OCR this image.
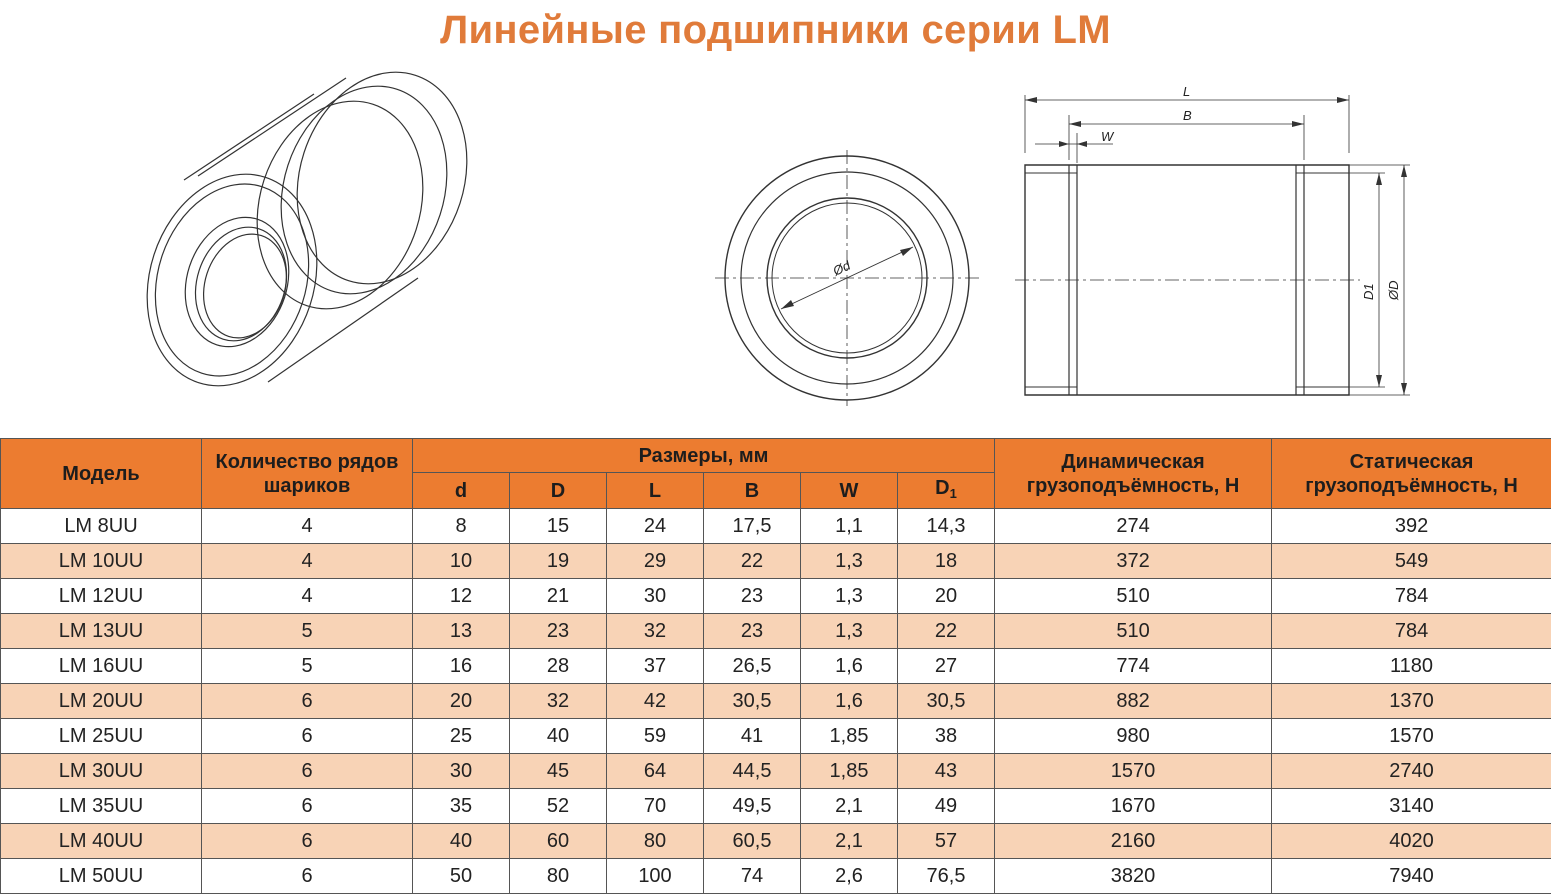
Линейные подшипники серии LM
Ød
L
B
W
D1 ØD
Модель	Количество рядов шариков	Размеры, мм						Динамическая грузоподъёмность, Н	Статическая грузоподъёмность, Н
		d	D	L	B	W	$D_1$
LM 8UU	4	8	15	24	17,5	1,1	14,3	274	392
LM 10UU	4	10	19	29	22	1,3	18	372	549
LM 12UU	4	12	21	30	23	1,3	20	510	784
LM 13UU	5	13	23	32	23	1,3	22	510	784
LM 16UU	5	16	28	37	26,5	1,6	27	774	1180
LM 20UU	6	20	32	42	30,5	1,6	30,5	882	1370
LM 25UU	6	25	40	59	41	1,85	38	980	1570
LM 30UU	6	30	45	64	44,5	1,85	43	1570	2740
LM 35UU	6	35	52	70	49,5	2,1	49	1670	3140
LM 40UU	6	40	60	80	60,5	2,1	57	2160	4020
LM 50UU	6	50	80	100	74	2,6	76,5	3820	7940
